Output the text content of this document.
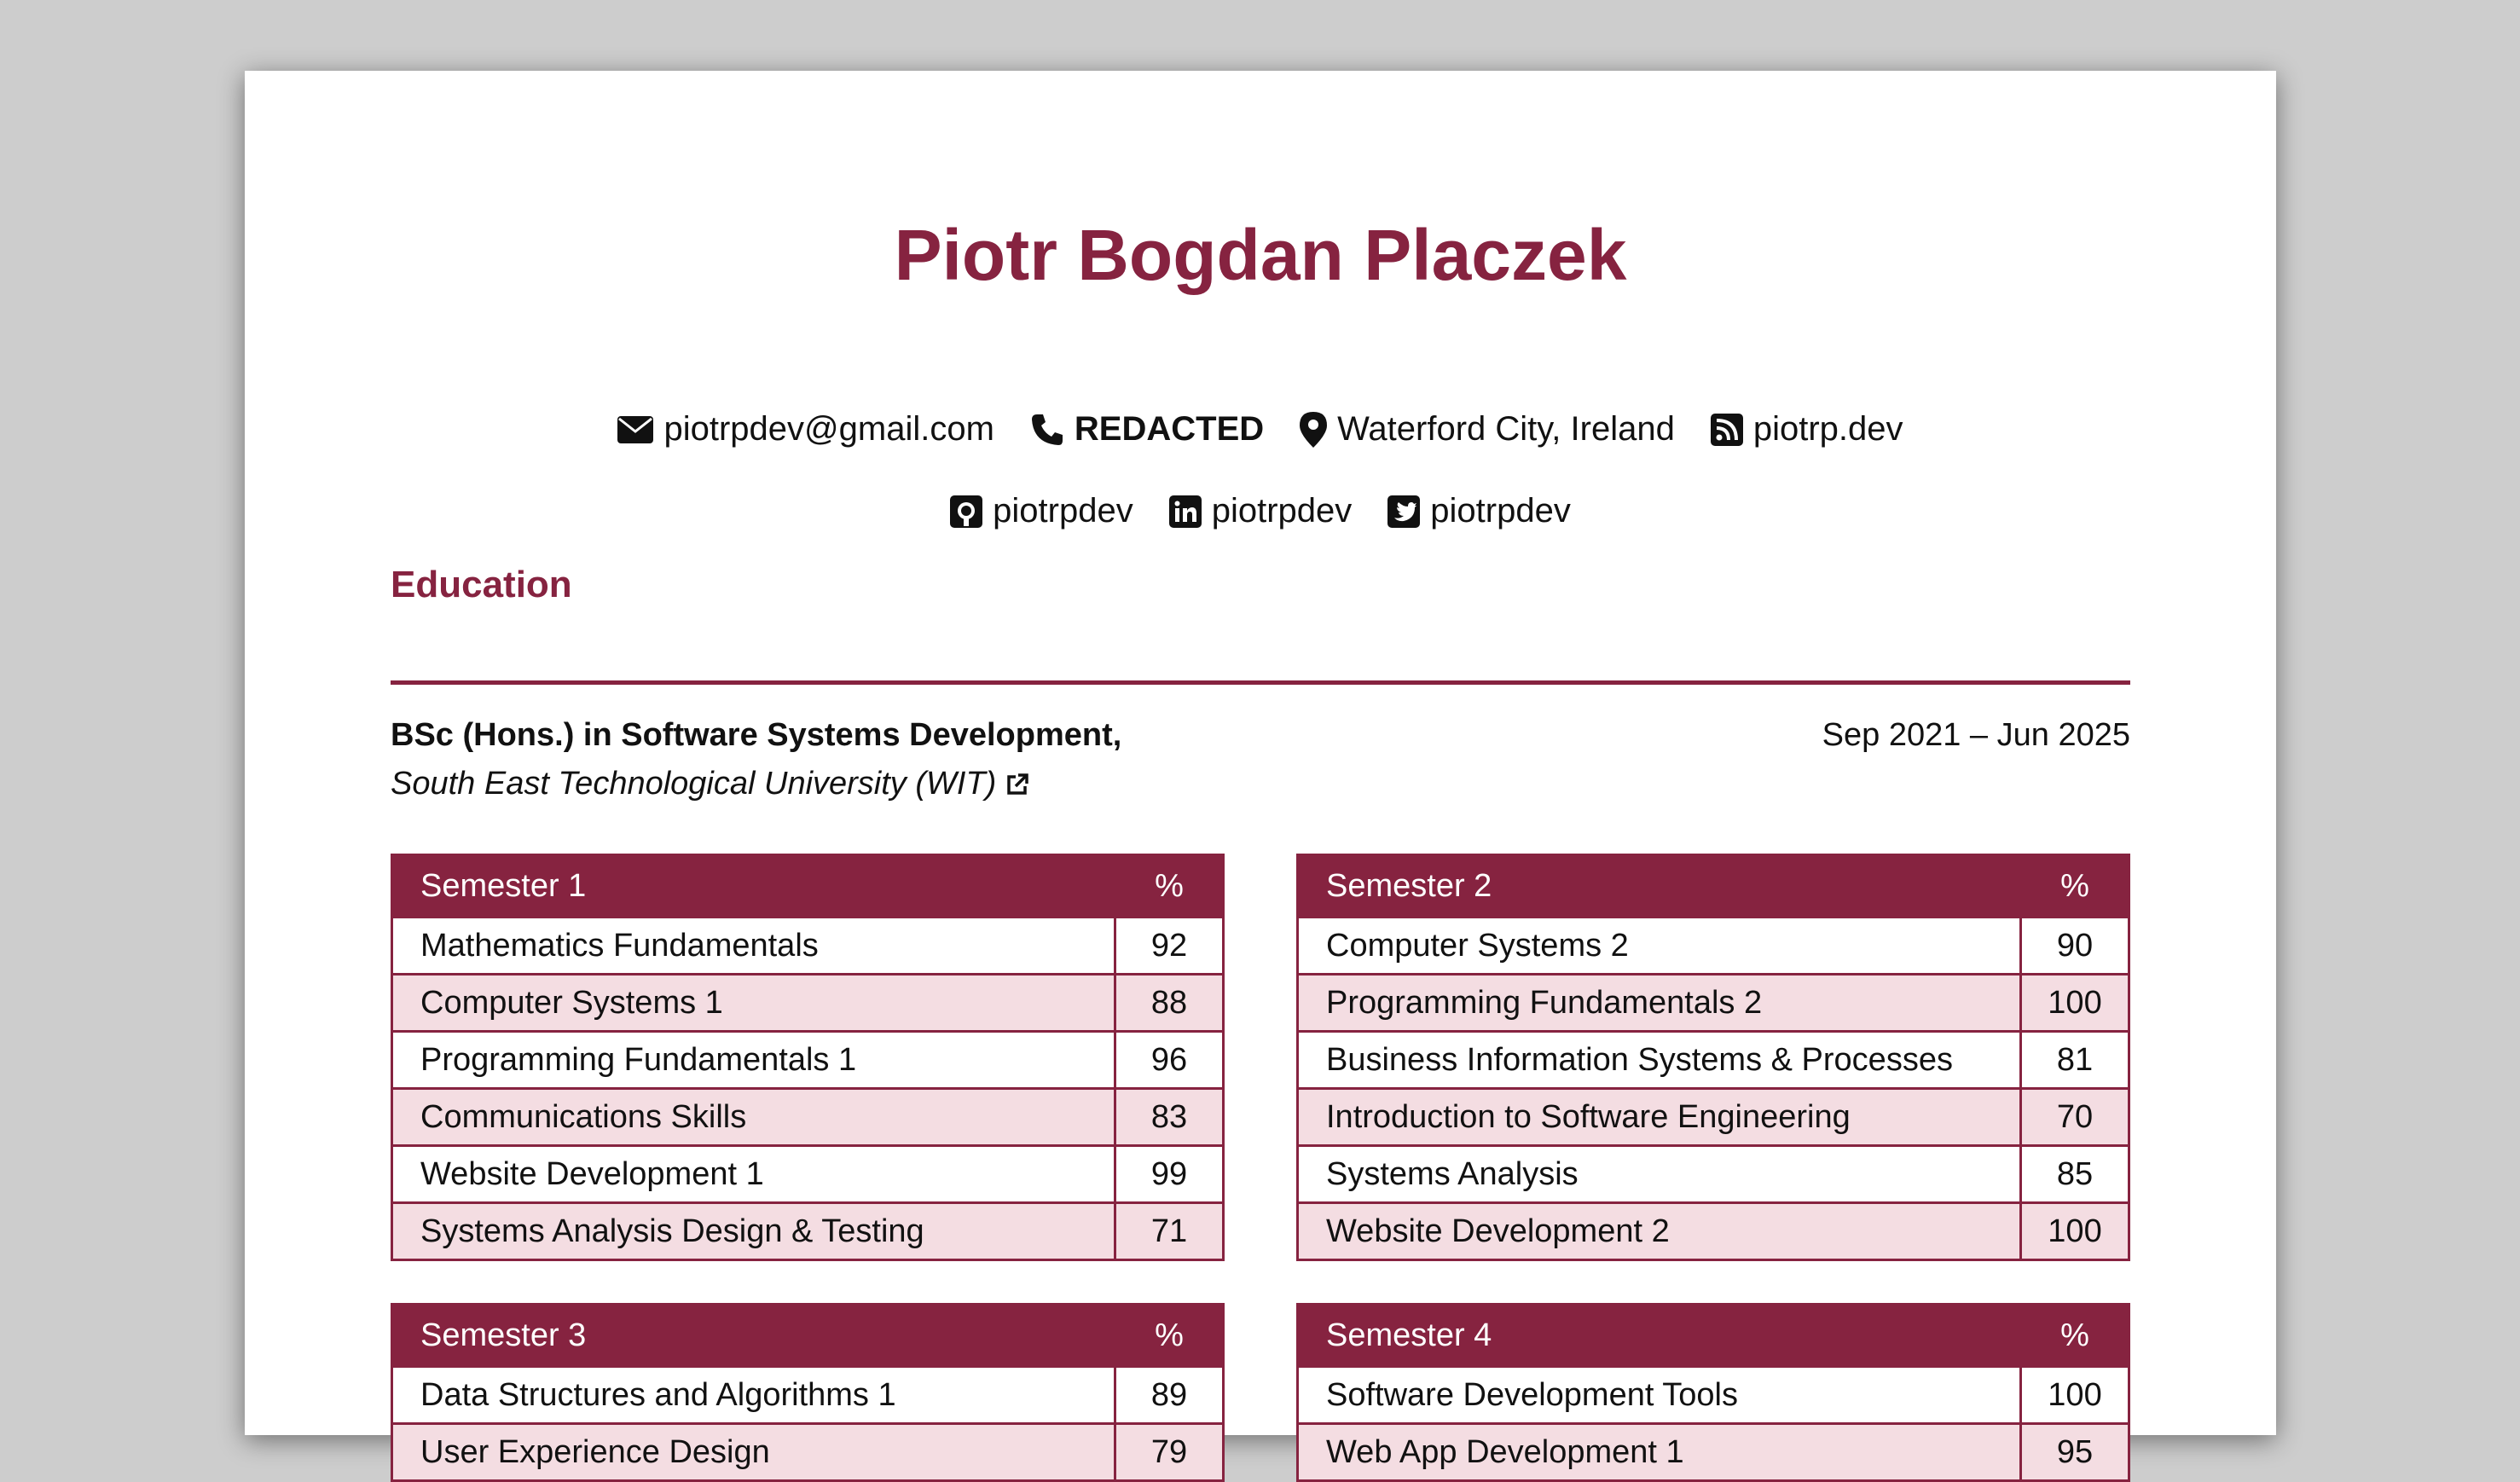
Piotr Bogdan Placzek
piotrpdev@gmail.com REDACTED Waterford City, Ireland piotrp.dev
piotrpdev piotrpdev piotrpdev
Education
BSc (Hons.) in Software Systems Development,	Sep 2021 – Jun 2025
South East Technological University (WIT)
Semester 1	%
Mathematics Fundamentals	92
Computer Systems 1	88
Programming Fundamentals 1	96
Communications Skills	83
Website Development 1	99
Systems Analysis Design & Testing	71
Semester 2	%
Computer Systems 2	90
Programming Fundamentals 2	100
Business Information Systems & Processes	81
Introduction to Software Engineering	70
Systems Analysis	85
Website Development 2	100
Semester 3	%
Data Structures and Algorithms 1	89
User Experience Design	79
Semester 4	%
Software Development Tools	100
Web App Development 1	95
